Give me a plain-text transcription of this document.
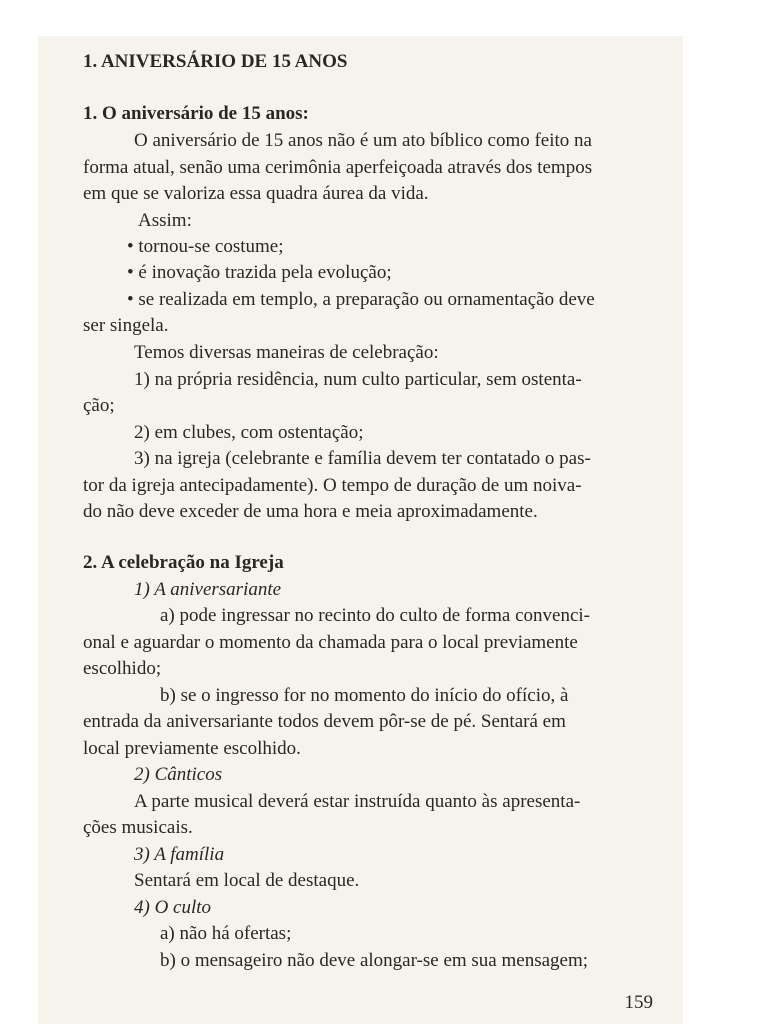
1. ANIVERSÁRIO DE 15 ANOS
1. O aniversário de 15 anos:
O aniversário de 15 anos não é um ato bíblico como feito na
forma atual, senão uma cerimônia aperfeiçoada através dos tempos
em que se valoriza essa quadra áurea da vida.
Assim:
• tornou-se costume;
• é inovação trazida pela evolução;
• se realizada em templo, a preparação ou ornamentação deve
ser singela.
Temos diversas maneiras de celebração:
1) na própria residência, num culto particular, sem ostenta-
ção;
2) em clubes, com ostentação;
3) na igreja (celebrante e família devem ter contatado o pas-
tor da igreja antecipadamente). O tempo de duração de um noiva-
do não deve exceder de uma hora e meia aproximadamente.
2. A celebração na Igreja
1) A aniversariante
a) pode ingressar no recinto do culto de forma convenci-
onal e aguardar o momento da chamada para o local previamente
escolhido;
b) se o ingresso for no momento do início do ofício, à
entrada da aniversariante todos devem pôr-se de pé. Sentará em
local previamente escolhido.
2) Cânticos
A parte musical deverá estar instruída quanto às apresenta-
ções musicais.
3) A família
Sentará em local de destaque.
4) O culto
a) não há ofertas;
b) o mensageiro não deve alongar-se em sua mensagem;
159
